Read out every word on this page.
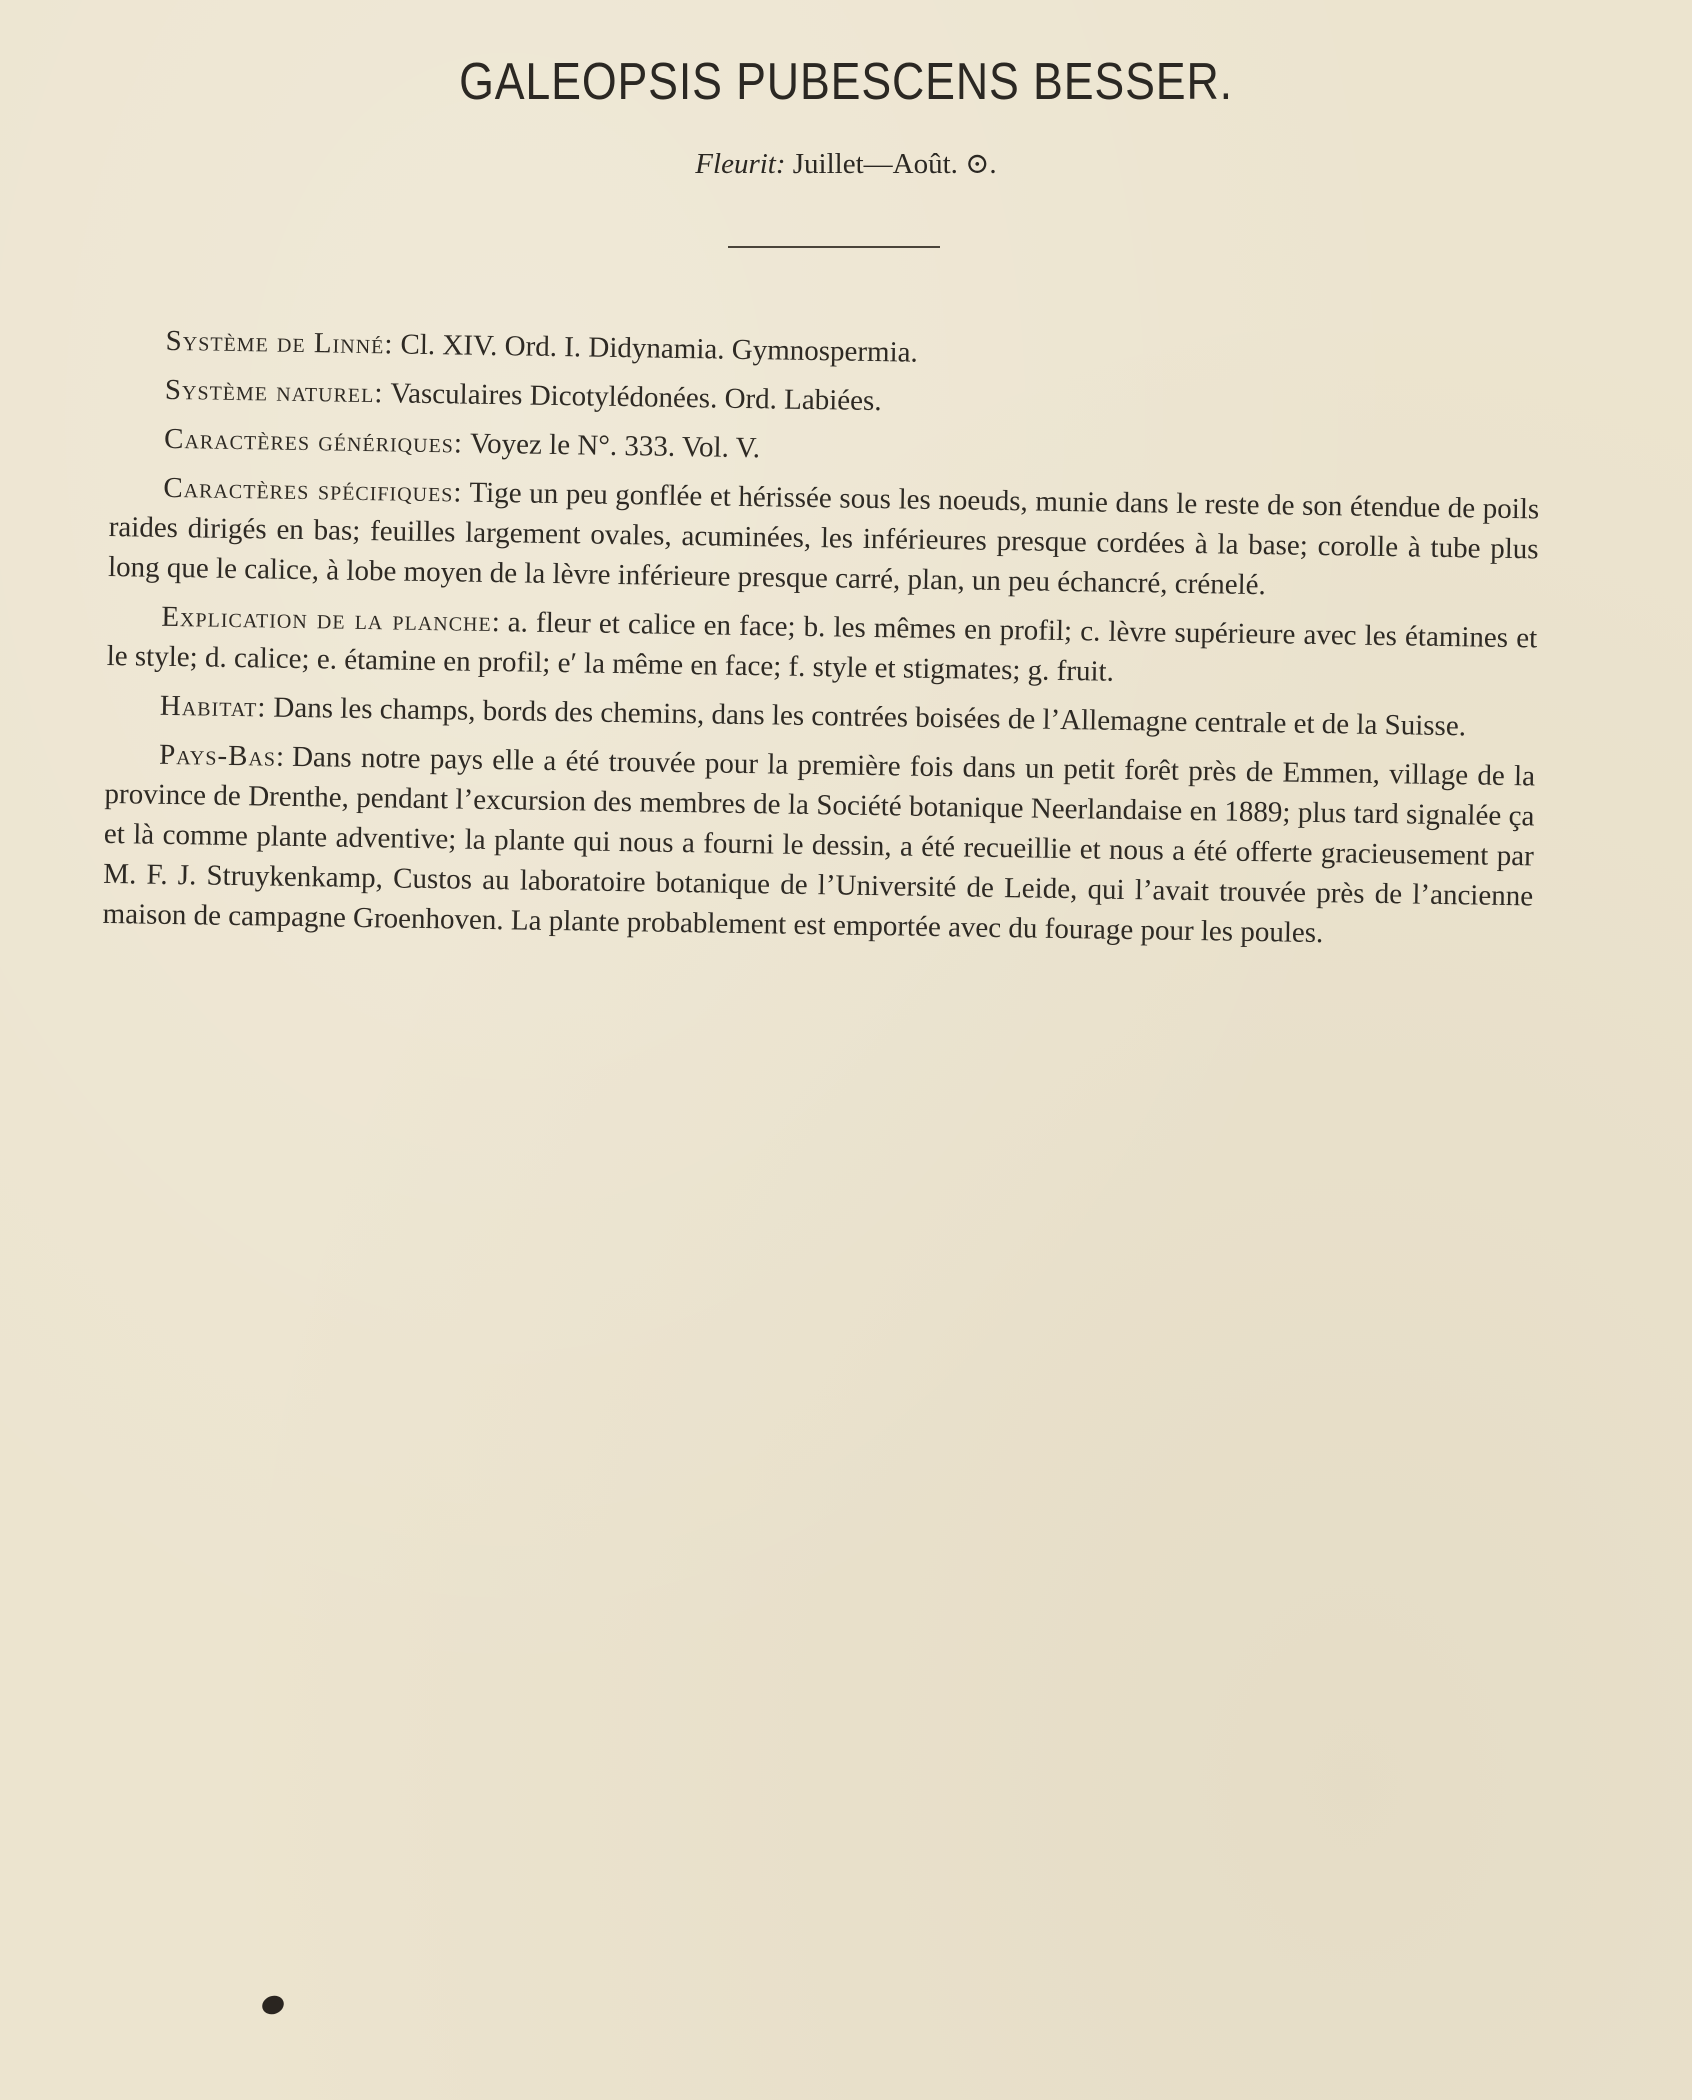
GALEOPSIS PUBESCENS BESSER.

Fleurit: Juillet—Août. ⊙.

Système de Linné: Cl. XIV. Ord. I. Didynamia. Gymnospermia.

Système naturel: Vasculaires Dicotylédonées. Ord. Labiées.

Caractères génériques: Voyez le N°. 333. Vol. V.

Caractères spécifiques: Tige un peu gonflée et hérissée sous les noeuds, munie dans le reste de son étendue de poils raides dirigés en bas; feuilles largement ovales, acuminées, les inférieures presque cordées à la base; corolle à tube plus long que le calice, à lobe moyen de la lèvre inférieure presque carré, plan, un peu échancré, crénelé.

Explication de la planche: a. fleur et calice en face; b. les mêmes en profil; c. lèvre supérieure avec les étamines et le style; d. calice; e. étamine en profil; e′ la même en face; f. style et stigmates; g. fruit.

Habitat: Dans les champs, bords des chemins, dans les contrées boisées de l’Allemagne centrale et de la Suisse.

Pays-Bas: Dans notre pays elle a été trouvée pour la première fois dans un petit forêt près de Emmen, village de la province de Drenthe, pendant l’excursion des membres de la Société botanique Neerlandaise en 1889; plus tard signalée ça et là comme plante adventive; la plante qui nous a fourni le dessin, a été recueillie et nous a été offerte gracieusement par M. F. J. Struykenkamp, Custos au laboratoire botanique de l’Université de Leide, qui l’avait trouvée près de l’ancienne maison de campagne Groenhoven. La plante probablement est emportée avec du fourage pour les poules.
